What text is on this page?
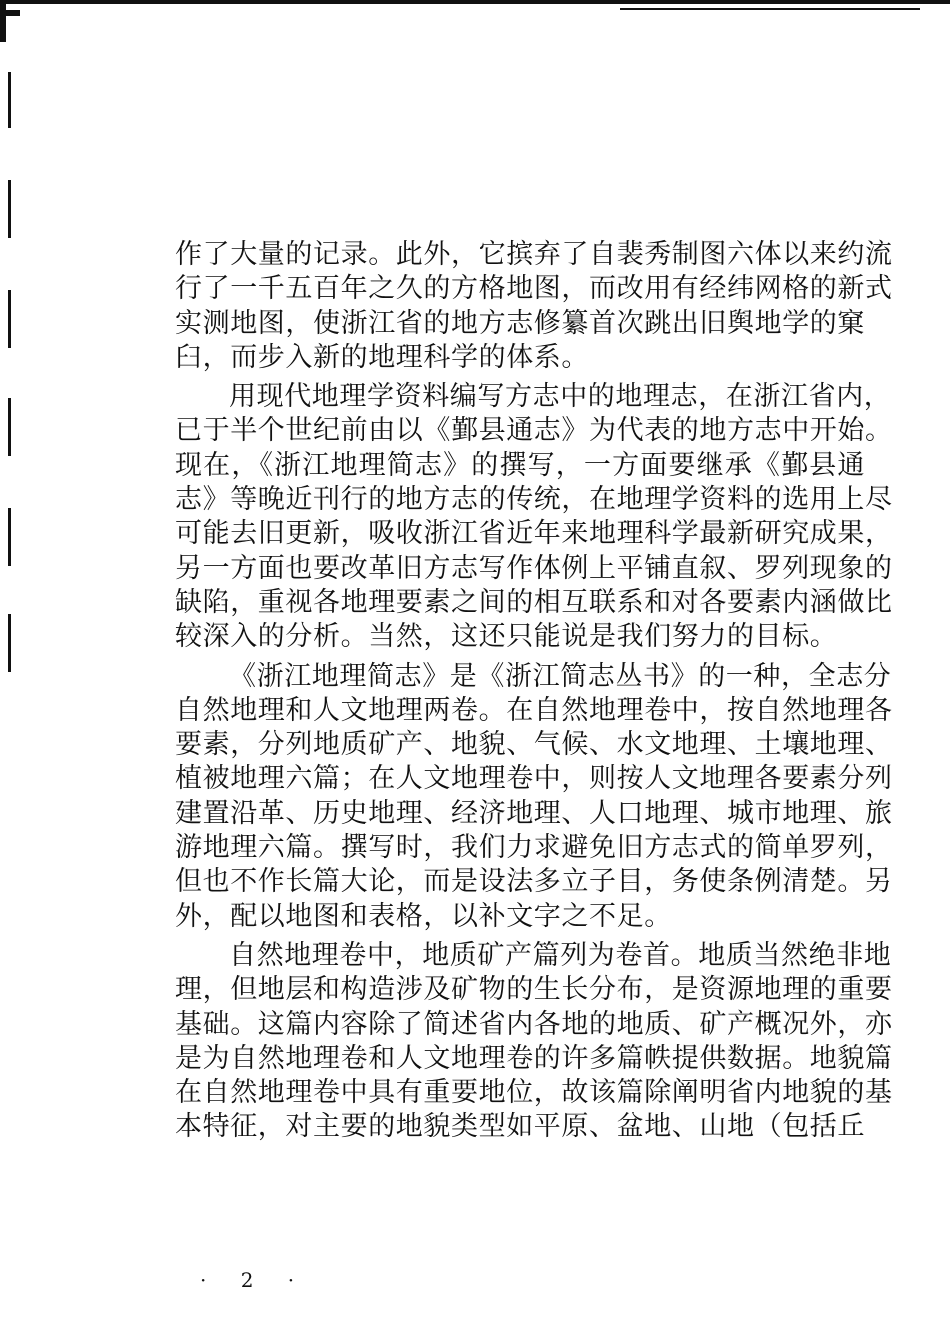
作了大量的记录。此外，它摈弃了自裴秀制图六体以来约流
行了一千五百年之久的方格地图，而改用有经纬网格的新式
实测地图，使浙江省的地方志修纂首次跳出旧舆地学的窠
臼，而步入新的地理科学的体系。

用现代地理学资料编写方志中的地理志，在浙江省内，
已于半个世纪前由以《鄞县通志》为代表的地方志中开始。
现在，《浙江地理简志》的撰写，一方面要继承《鄞县通
志》等晚近刊行的地方志的传统，在地理学资料的选用上尽
可能去旧更新，吸收浙江省近年来地理科学最新研究成果，
另一方面也要改革旧方志写作体例上平铺直叙、罗列现象的
缺陷，重视各地理要素之间的相互联系和对各要素内涵做比
较深入的分析。当然，这还只能说是我们努力的目标。

《浙江地理简志》是《浙江简志丛书》的一种，全志分
自然地理和人文地理两卷。在自然地理卷中，按自然地理各
要素，分列地质矿产、地貌、气候、水文地理、土壤地理、
植被地理六篇；在人文地理卷中，则按人文地理各要素分列
建置沿革、历史地理、经济地理、人口地理、城市地理、旅
游地理六篇。撰写时，我们力求避免旧方志式的简单罗列，
但也不作长篇大论，而是设法多立子目，务使条例清楚。另
外，配以地图和表格，以补文字之不足。

自然地理卷中，地质矿产篇列为卷首。地质当然绝非地
理，但地层和构造涉及矿物的生长分布，是资源地理的重要
基础。这篇内容除了简述省内各地的地质、矿产概况外，亦
是为自然地理卷和人文地理卷的许多篇帙提供数据。地貌篇
在自然地理卷中具有重要地位，故该篇除阐明省内地貌的基
本特征，对主要的地貌类型如平原、盆地、山地（包括丘

· 2 ·
